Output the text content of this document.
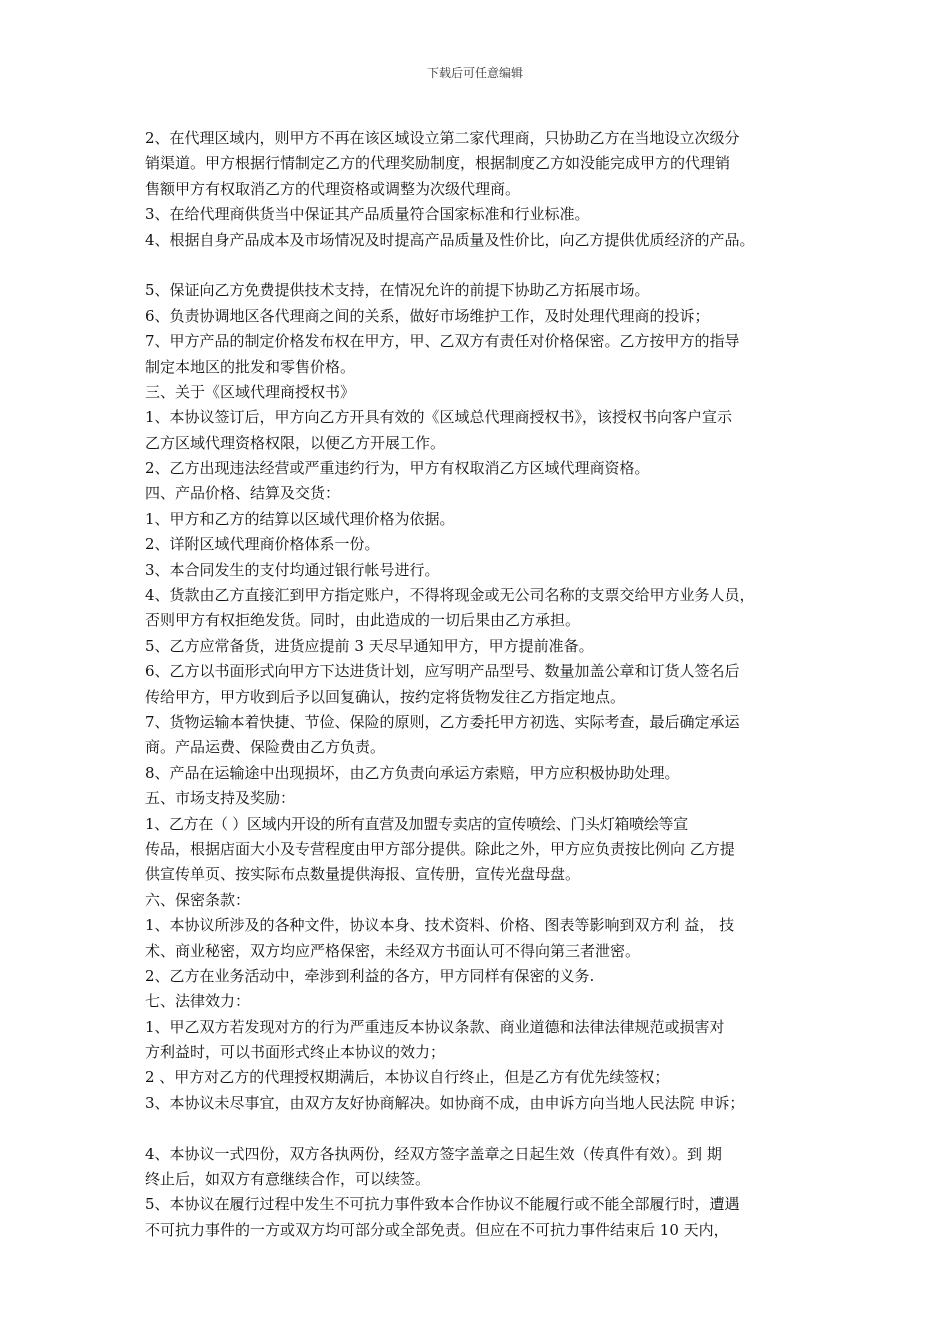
下载后可任意编辑
2、在代理区域内，则甲方不再在该区域设立第二家代理商，只协助乙方在当地设立次级分
销渠道。甲方根据行情制定乙方的代理奖励制度，根据制度乙方如没能完成甲方的代理销
售额甲方有权取消乙方的代理资格或调整为次级代理商。
3、在给代理商供货当中保证其产品质量符合国家标准和行业标准。
4、根据自身产品成本及市场情况及时提高产品质量及性价比，向乙方提供优质经济的产品。
5、保证向乙方免费提供技术支持，在情况允许的前提下协助乙方拓展市场。
6、负责协调地区各代理商之间的关系，做好市场维护工作，及时处理代理商的投诉；
7、甲方产品的制定价格发布权在甲方，甲、乙双方有责任对价格保密。乙方按甲方的指导
制定本地区的批发和零售价格。
三、关于《区域代理商授权书》
1、本协议签订后，甲方向乙方开具有效的《区域总代理商授权书》，该授权书向客户宣示
乙方区域代理资格权限，以便乙方开展工作。
2、乙方出现违法经营或严重违约行为，甲方有权取消乙方区域代理商资格。
四、产品价格、结算及交货：
1、甲方和乙方的结算以区域代理价格为依据。
2、详附区域代理商价格体系一份。
3、本合同发生的支付均通过银行帐号进行。
4、货款由乙方直接汇到甲方指定账户，不得将现金或无公司名称的支票交给甲方业务人员，
否则甲方有权拒绝发货。同时，由此造成的一切后果由乙方承担。
5、乙方应常备货，进货应提前 3 天尽早通知甲方，甲方提前准备。
6、乙方以书面形式向甲方下达进货计划，应写明产品型号、数量加盖公章和订货人签名后
传给甲方，甲方收到后予以回复确认，按约定将货物发往乙方指定地点。
7、货物运输本着快捷、节俭、保险的原则，乙方委托甲方初选、实际考查，最后确定承运
商。产品运费、保险费由乙方负责。
8、产品在运输途中出现损坏，由乙方负责向承运方索赔，甲方应积极协助处理。
五、市场支持及奖励：
1、乙方在（ ）区域内开设的所有直营及加盟专卖店的宣传喷绘、门头灯箱喷绘等宣
传品，根据店面大小及专营程度由甲方部分提供。除此之外，甲方应负责按比例向 乙方提
供宣传单页、按实际布点数量提供海报、宣传册，宣传光盘母盘。
六、保密条款：
1、本协议所涉及的各种文件，协议本身、技术资料、价格、图表等影响到双方利 益， 技
术、商业秘密，双方均应严格保密，未经双方书面认可不得向第三者泄密。
2、乙方在业务活动中，牵涉到利益的各方，甲方同样有保密的义务.
七、法律效力：
1、甲乙双方若发现对方的行为严重违反本协议条款、商业道德和法律法律规范或损害对
方利益时，可以书面形式终止本协议的效力；
2 、甲方对乙方的代理授权期满后，本协议自行终止，但是乙方有优先续签权；
3、本协议未尽事宜，由双方友好协商解决。如协商不成，由申诉方向当地人民法院 申诉；
4、本协议一式四份，双方各执两份，经双方签字盖章之日起生效（传真件有效）。到 期
终止后，如双方有意继续合作，可以续签。
5、本协议在履行过程中发生不可抗力事件致本合作协议不能履行或不能全部履行时，遭遇
不可抗力事件的一方或双方均可部分或全部免责。但应在不可抗力事件结束后 10 天内，
